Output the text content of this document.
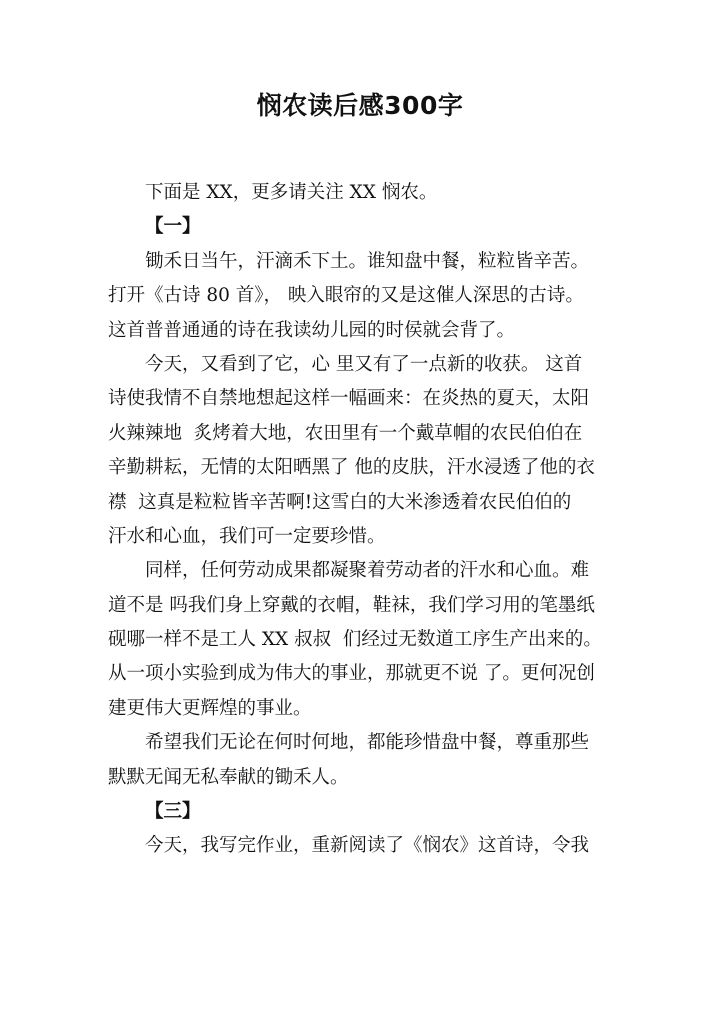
悯农读后感300字
下面是 XX，更多请关注 XX 悯农。
【一】
锄禾日当午，汗滴禾下土。谁知盘中餐，粒粒皆辛苦。
打开《古诗 80 首》， 映入眼帘的又是这催人深思的古诗。
这首普普通通的诗在我读幼儿园的时侯就会背了。
今天，又看到了它，心 里又有了一点新的收获。 这首
诗使我情不自禁地想起这样一幅画来：在炎热的夏天，太阳
火辣辣地  炙烤着大地，农田里有一个戴草帽的农民伯伯在
辛勤耕耘，无情的太阳晒黑了 他的皮肤，汗水浸透了他的衣
襟  这真是粒粒皆辛苦啊!这雪白的大米渗透着农民伯伯的
汗水和心血，我们可一定要珍惜。
同样，任何劳动成果都凝聚着劳动者的汗水和心血。难
道不是 吗我们身上穿戴的衣帽，鞋袜，我们学习用的笔墨纸
砚哪一样不是工人 XX 叔叔  们经过无数道工序生产出来的。
从一项小实验到成为伟大的事业，那就更不说 了。更何况创
建更伟大更辉煌的事业。
希望我们无论在何时何地，都能珍惜盘中餐，尊重那些
默默无闻无私奉献的锄禾人。
【三】
今天，我写完作业，重新阅读了《悯农》这首诗，令我
